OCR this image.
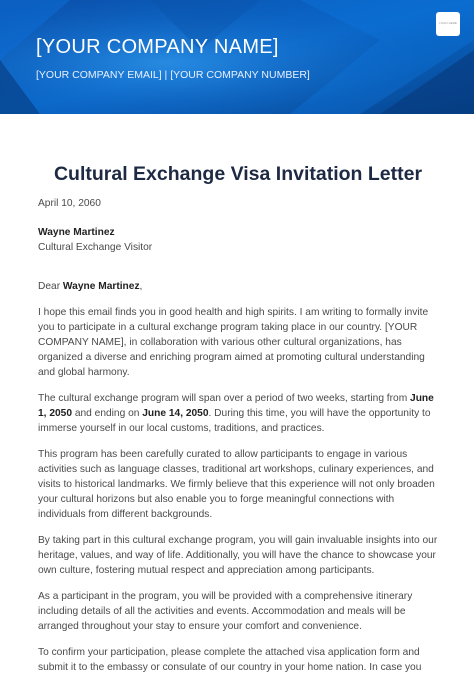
[YOUR COMPANY NAME]
[YOUR COMPANY EMAIL] | [YOUR COMPANY NUMBER]
LOGO HERE
Cultural Exchange Visa Invitation Letter
April 10, 2060
Wayne Martinez
Cultural Exchange Visitor
Dear Wayne Martinez,

I hope this email finds you in good health and high spirits. I am writing to formally invite you to participate in a cultural exchange program taking place in our country. [YOUR COMPANY NAME], in collaboration with various other cultural organizations, has organized a diverse and enriching program aimed at promoting cultural understanding and global harmony.

The cultural exchange program will span over a period of two weeks, starting from June 1, 2050 and ending on June 14, 2050. During this time, you will have the opportunity to immerse yourself in our local customs, traditions, and practices.

This program has been carefully curated to allow participants to engage in various activities such as language classes, traditional art workshops, culinary experiences, and visits to historical landmarks. We firmly believe that this experience will not only broaden your cultural horizons but also enable you to forge meaningful connections with individuals from different backgrounds.

By taking part in this cultural exchange program, you will gain invaluable insights into our heritage, values, and way of life. Additionally, you will have the chance to showcase your own culture, fostering mutual respect and appreciation among participants.

As a participant in the program, you will be provided with a comprehensive itinerary including details of all the activities and events. Accommodation and meals will be arranged throughout your stay to ensure your comfort and convenience.

To confirm your participation, please complete the attached visa application form and submit it to the embassy or consulate of our country in your home nation. In case you
